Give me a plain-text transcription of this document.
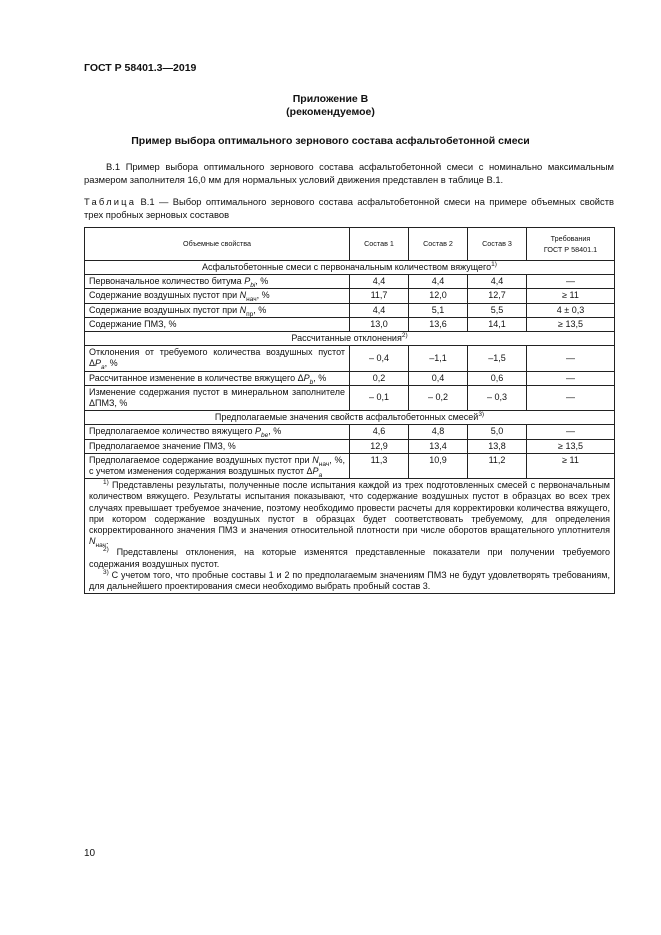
ГОСТ Р 58401.3—2019
Приложение В
(рекомендуемое)
Пример выбора оптимального зернового состава асфальтобетонной смеси
В.1 Пример выбора оптимального зернового состава асфальтобетонной смеси с номинально максимальным размером заполнителя 16,0 мм для нормальных условий движения представлен в таблице В.1.
Таблица В.1 — Выбор оптимального зернового состава асфальтобетонной смеси на примере объемных свойств трех пробных зерновых составов
Объемные свойства	Состав 1	Состав 2	Состав 3	Требования
ГОСТ Р 58401.1
Асфальтобетонные смеси с первоначальным количеством вяжущего$^{1)}$
Первоначальное количество битума $P_{bi}$, %	4,4	4,4	4,4	—
Содержание воздушных пустот при $N_{нач}$, %	11,7	12,0	12,7	≥ 11
Содержание воздушных пустот при $N_{пр}$, %	4,4	5,1	5,5	4 ± 0,3
Содержание ПМЗ, %	13,0	13,6	14,1	≥ 13,5
Рассчитанные отклонения$^{2)}$
Отклонения от требуемого количества воздушных пустот $\Delta P_a$, %	– 0,4	–1,1	–1,5	—
Рассчитанное изменение в количестве вяжущего $\Delta P_b$, %	0,2	0,4	0,6	—
Изменение содержания пустот в минеральном заполнителе ΔПМЗ, %	– 0,1	– 0,2	– 0,3	—
Предполагаемые значения свойств асфальтобетонных смесей$^{3)}$
Предполагаемое количество вяжущего $P_{be}$, %	4,6	4,8	5,0	—
Предполагаемое значение ПМЗ, %	12,9	13,4	13,8	≥ 13,5
Предполагаемое содержание воздушных пустот при $N_{нач}$, %, с учетом изменения содержания воздушных пустот $\Delta P_a$	11,3	10,9	11,2	≥ 11

$^{1)}$ Представлены результаты, полученные после испытания каждой из трех подготовленных смесей с первоначальным количеством вяжущего. Результаты испытания показывают, что содержание воздушных пустот в образцах во всех трех случаях превышает требуемое значение, поэтому необходимо провести расчеты для корректировки количества вяжущего, при котором содержание воздушных пустот в образцах будет соответствовать требуемому, для определения скорректированного значения ПМЗ и значения относительной плотности при числе оборотов вращательного уплотнителя $N_{нач}$.

$^{2)}$ Представлены отклонения, на которые изменятся представленные показатели при получении требуемого содержания воздушных пустот.

$^{3)}$ С учетом того, что пробные составы 1 и 2 по предполагаемым значениям ПМЗ не будут удовлетворять требованиям, для дальнейшего проектирования смеси необходимо выбрать пробный состав 3.				

10
